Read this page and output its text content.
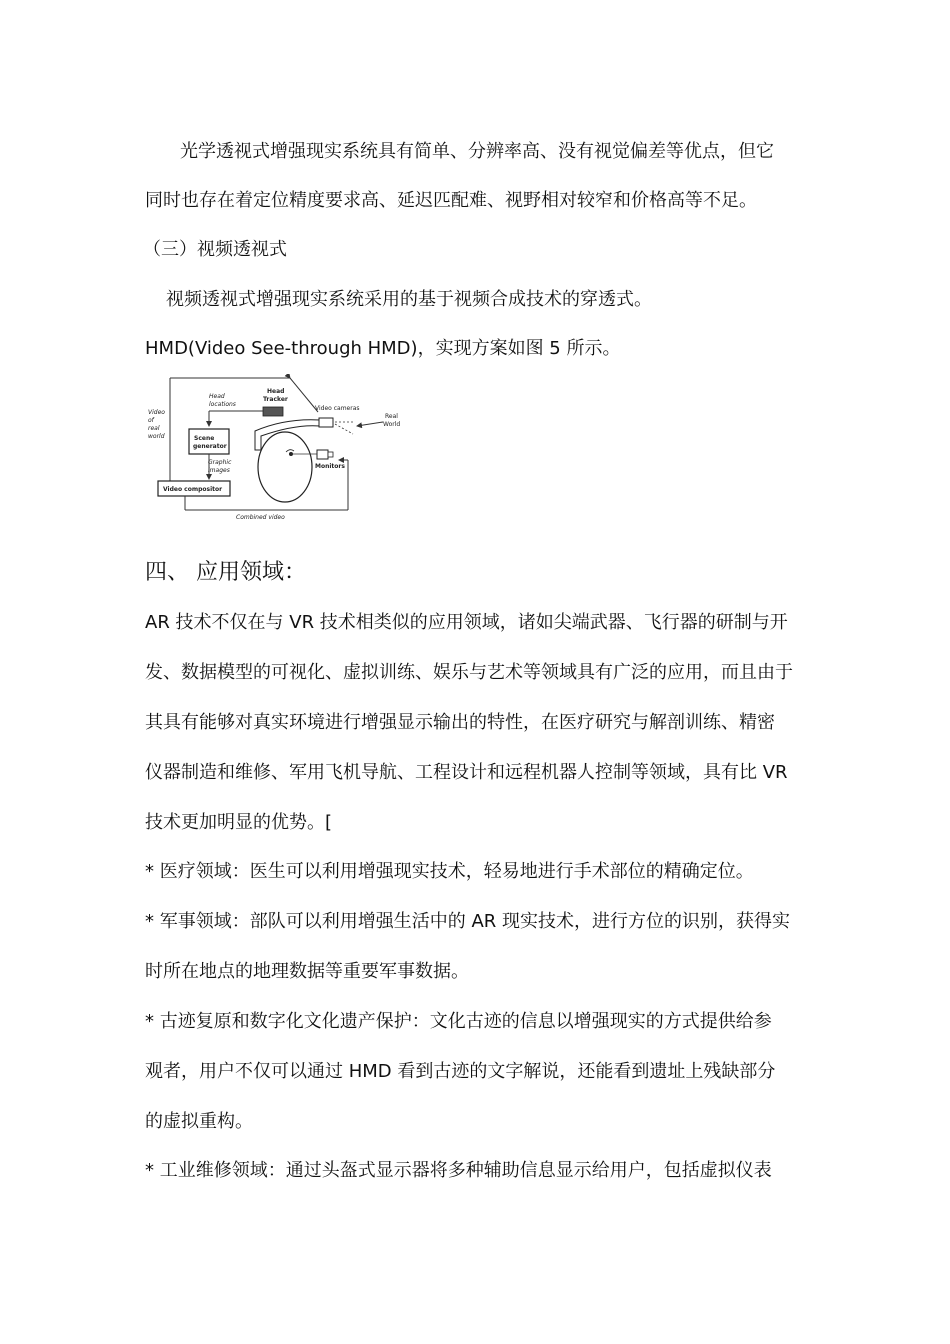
光学透视式增强现实系统具有简单、分辨率高、没有视觉偏差等优点，但它
同时也存在着定位精度要求高、延迟匹配难、视野相对较窄和价格高等不足。
（三）视频透视式
视频透视式增强现实系统采用的基于视频合成技术的穿透式。
HMD(Video See-through HMD)，实现方案如图 5 所示。
Head
Tracker
Head
locations
Video
of
real
world	Scene
generator
Graphic
images
Video compositor
Combined video
Video cameras
Real
World
Monitors
四、 应用领域：
AR 技术不仅在与 VR 技术相类似的应用领域，诸如尖端武器、飞行器的研制与开
发、数据模型的可视化、虚拟训练、娱乐与艺术等领域具有广泛的应用，而且由于
其具有能够对真实环境进行增强显示输出的特性，在医疗研究与解剖训练、精密
仪器制造和维修、军用飞机导航、工程设计和远程机器人控制等领域，具有比 VR
技术更加明显的优势。[
* 医疗领域：医生可以利用增强现实技术，轻易地进行手术部位的精确定位。
* 军事领域：部队可以利用增强生活中的 AR 现实技术，进行方位的识别，获得实
时所在地点的地理数据等重要军事数据。
* 古迹复原和数字化文化遗产保护：文化古迹的信息以增强现实的方式提供给参
观者，用户不仅可以通过 HMD 看到古迹的文字解说，还能看到遗址上残缺部分
的虚拟重构。
* 工业维修领域：通过头盔式显示器将多种辅助信息显示给用户，包括虚拟仪表
